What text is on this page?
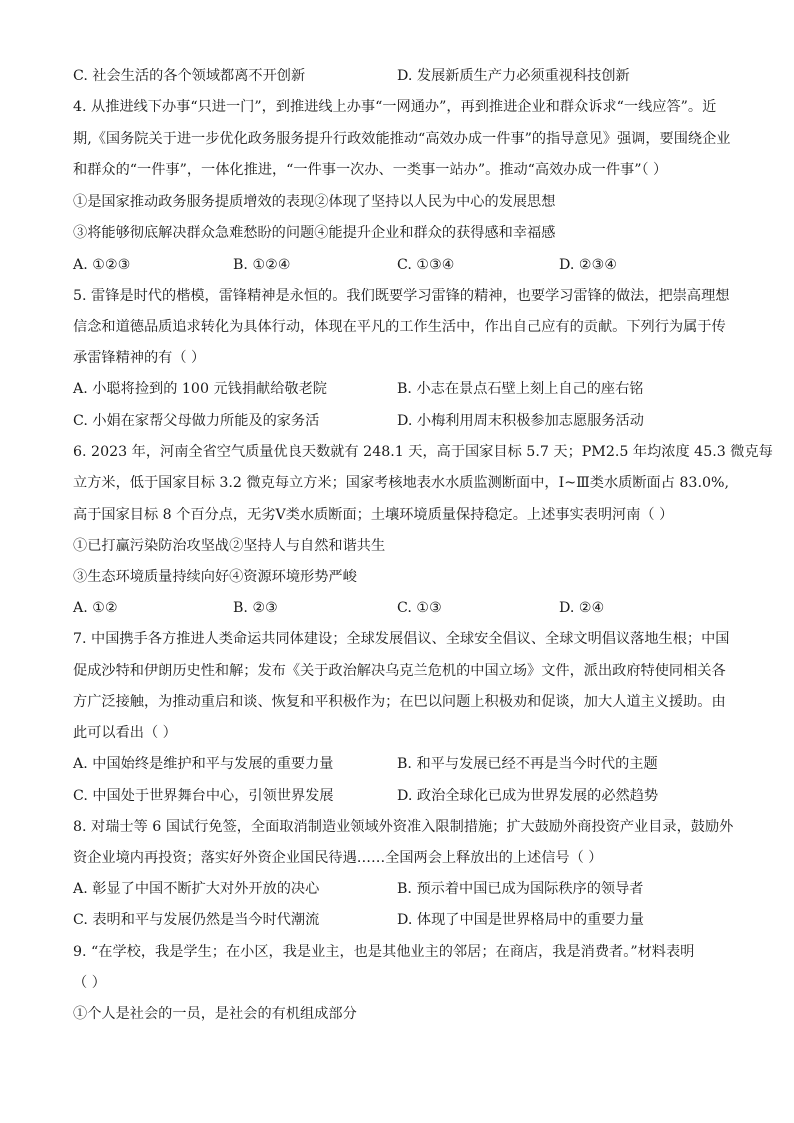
C. 社会生活的各个领域都离不开创新	D. 发展新质生产力必须重视科技创新
4. 从推进线下办事“只进一门”，到推进线上办事“一网通办”，再到推进企业和群众诉求“一线应答”。近
期,《国务院关于进一步优化政务服务提升行政效能推动“高效办成一件事”的指导意见》强调，要围绕企业
和群众的“一件事”，一体化推进，“一件事一次办、一类事一站办”。推动“高效办成一件事”（ ）
①是国家推动政务服务提质增效的表现②体现了坚持以人民为中心的发展思想
③将能够彻底解决群众急难愁盼的问题④能提升企业和群众的获得感和幸福感
A. ①②③	B. ①②④	C. ①③④	D. ②③④
5. 雷锋是时代的楷模，雷锋精神是永恒的。我们既要学习雷锋的精神，也要学习雷锋的做法，把崇高理想
信念和道德品质追求转化为具体行动，体现在平凡的工作生活中，作出自己应有的贡献。下列行为属于传
承雷锋精神的有（ ）
A. 小聪将捡到的 100 元钱捐献给敬老院	B. 小志在景点石壁上刻上自己的座右铭
C. 小娟在家帮父母做力所能及的家务活	D. 小梅利用周末积极参加志愿服务活动
6. 2023 年，河南全省空气质量优良天数就有 248.1 天，高于国家目标 5.7 天；PM2.5 年均浓度 45.3 微克每
立方米，低于国家目标 3.2 微克每立方米；国家考核地表水水质监测断面中，Ⅰ~Ⅲ类水质断面占 83.0%,
高于国家目标 8 个百分点，无劣Ⅴ类水质断面；土壤环境质量保持稳定。上述事实表明河南（ ）
①已打赢污染防治攻坚战②坚持人与自然和谐共生
③生态环境质量持续向好④资源环境形势严峻
A. ①②	B. ②③	C. ①③	D. ②④
7. 中国携手各方推进人类命运共同体建设；全球发展倡议、全球安全倡议、全球文明倡议落地生根；中国
促成沙特和伊朗历史性和解；发布《关于政治解决乌克兰危机的中国立场》文件，派出政府特使同相关各
方广泛接触，为推动重启和谈、恢复和平积极作为；在巴以问题上积极劝和促谈，加大人道主义援助。由
此可以看出（ ）
A. 中国始终是维护和平与发展的重要力量	B. 和平与发展已经不再是当今时代的主题
C. 中国处于世界舞台中心，引领世界发展	D. 政治全球化已成为世界发展的必然趋势
8. 对瑞士等 6 国试行免签，全面取消制造业领域外资准入限制措施；扩大鼓励外商投资产业目录，鼓励外
资企业境内再投资；落实好外资企业国民待遇……全国两会上释放出的上述信号（ ）
A. 彰显了中国不断扩大对外开放的决心	B. 预示着中国已成为国际秩序的领导者
C. 表明和平与发展仍然是当今时代潮流	D. 体现了中国是世界格局中的重要力量
9. “在学校，我是学生；在小区，我是业主，也是其他业主的邻居；在商店，我是消费者。”材料表明
（ ）
①个人是社会的一员，是社会的有机组成部分
